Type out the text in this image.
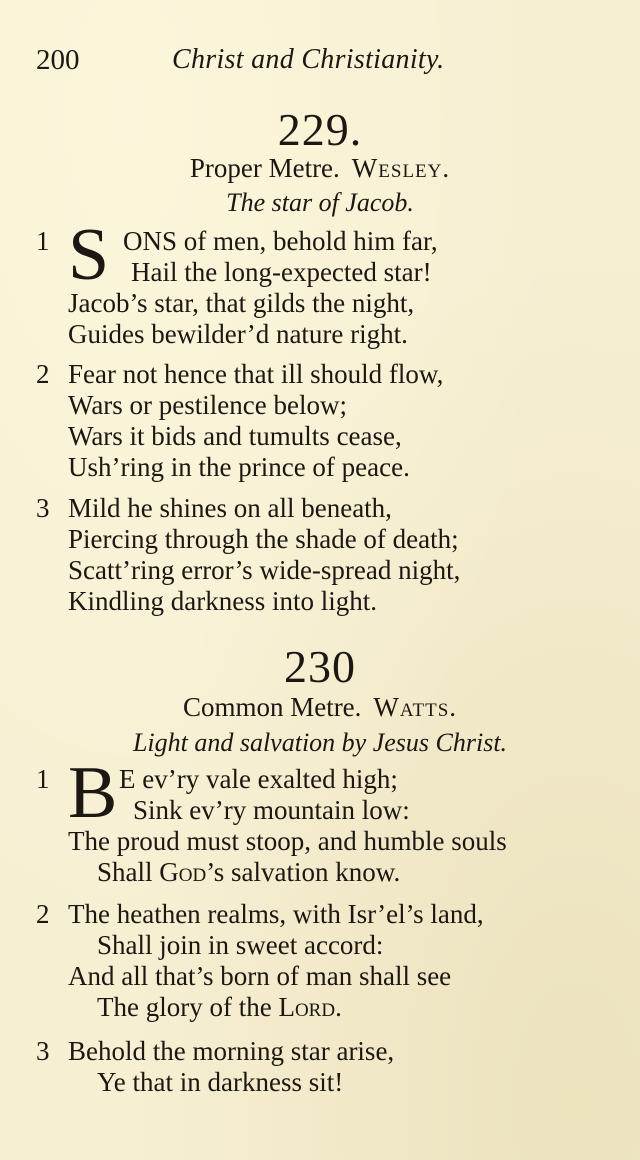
200	Christ and Christianity.
229.
Proper Metre. Wesley.
The star of Jacob.
1 S ONS of men, behold him far,
Hail the long-expected star!
Jacob’s star, that gilds the night,
Guides bewilder’d nature right.
2 Fear not hence that ill should flow,
Wars or pestilence below;
Wars it bids and tumults cease,
Ush’ring in the prince of peace.
3 Mild he shines on all beneath,
Piercing through the shade of death;
Scatt’ring error’s wide-spread night,
Kindling darkness into light.
230
Common Metre. Watts.
Light and salvation by Jesus Christ.
1 B E ev’ry vale exalted high;
Sink ev’ry mountain low:
The proud must stoop, and humble souls
Shall God’s salvation know.
2 The heathen realms, with Isr’el’s land,
Shall join in sweet accord:
And all that’s born of man shall see
The glory of the Lord.
3 Behold the morning star arise,
Ye that in darkness sit!
